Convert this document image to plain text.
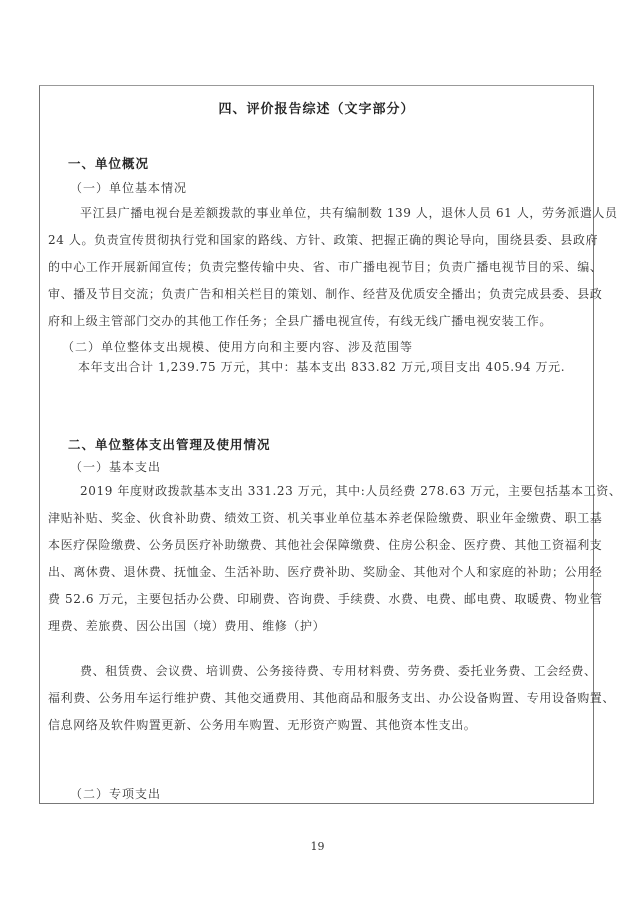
四、评价报告综述（文字部分）
一、单位概况
（一）单位基本情况
平江县广播电视台是差额拨款的事业单位，共有编制数 139 人，退休人员 61 人，劳务派遣人员
24 人。负责宣传贯彻执行党和国家的路线、方针、政策、把握正确的舆论导向，围绕县委、县政府
的中心工作开展新闻宣传；负责完整传输中央、省、市广播电视节目；负责广播电视节目的采、编、
审、播及节目交流；负责广告和相关栏目的策划、制作、经营及优质安全播出；负责完成县委、县政
府和上级主管部门交办的其他工作任务；全县广播电视宣传，有线无线广播电视安装工作。
（二）单位整体支出规模、使用方向和主要内容、涉及范围等
本年支出合计 1,239.75 万元，其中：基本支出 833.82 万元,项目支出 405.94 万元.
二、单位整体支出管理及使用情况
（一）基本支出
2019 年度财政拨款基本支出 331.23 万元，其中:人员经费 278.63 万元，主要包括基本工资、
津贴补贴、奖金、伙食补助费、绩效工资、机关事业单位基本养老保险缴费、职业年金缴费、职工基
本医疗保险缴费、公务员医疗补助缴费、其他社会保障缴费、住房公积金、医疗费、其他工资福利支
出、离休费、退休费、抚恤金、生活补助、医疗费补助、奖励金、其他对个人和家庭的补助；公用经
费 52.6 万元，主要包括办公费、印刷费、咨询费、手续费、水费、电费、邮电费、取暖费、物业管
理费、差旅费、因公出国（境）费用、维修（护）
费、租赁费、会议费、培训费、公务接待费、专用材料费、劳务费、委托业务费、工会经费、
福利费、公务用车运行维护费、其他交通费用、其他商品和服务支出、办公设备购置、专用设备购置、
信息网络及软件购置更新、公务用车购置、无形资产购置、其他资本性支出。
（二）专项支出
19
